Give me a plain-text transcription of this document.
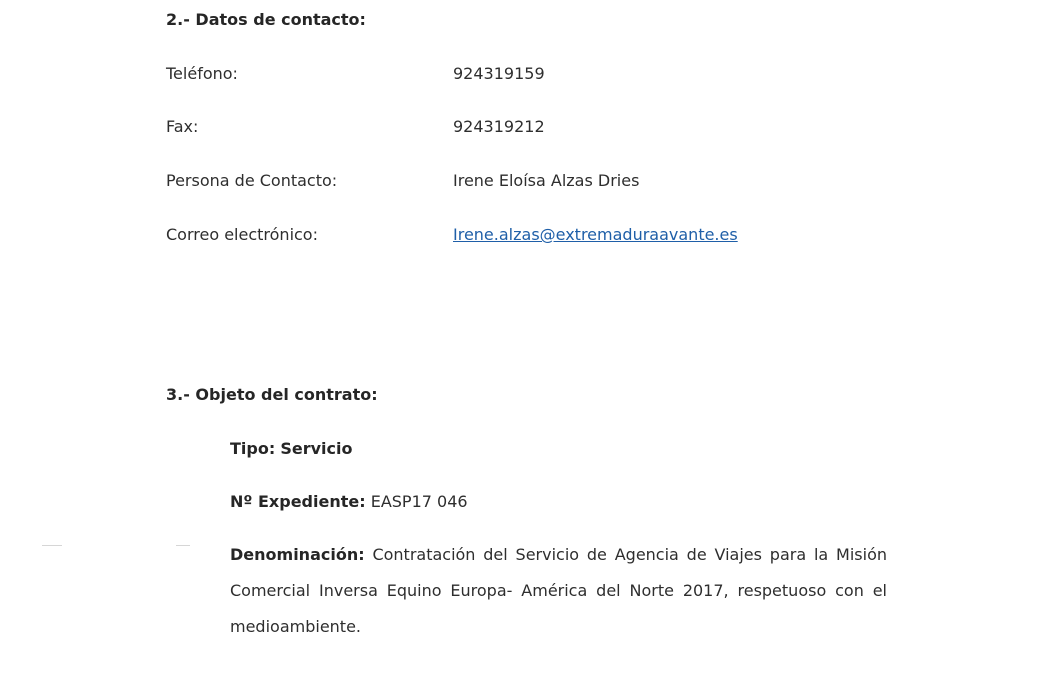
2.- Datos de contacto:
Teléfono:	924319159
Fax:	924319212
Persona de Contacto:	Irene Eloísa Alzas Dries
Correo electrónico:	Irene.alzas@extremaduraavante.es
3.- Objeto del contrato:
Tipo: Servicio
Nº Expediente: EASP17 046
Denominación: Contratación del Servicio de Agencia de Viajes para la Misión Comercial Inversa Equino Europa- América del Norte 2017, respetuoso con el medioambiente.
